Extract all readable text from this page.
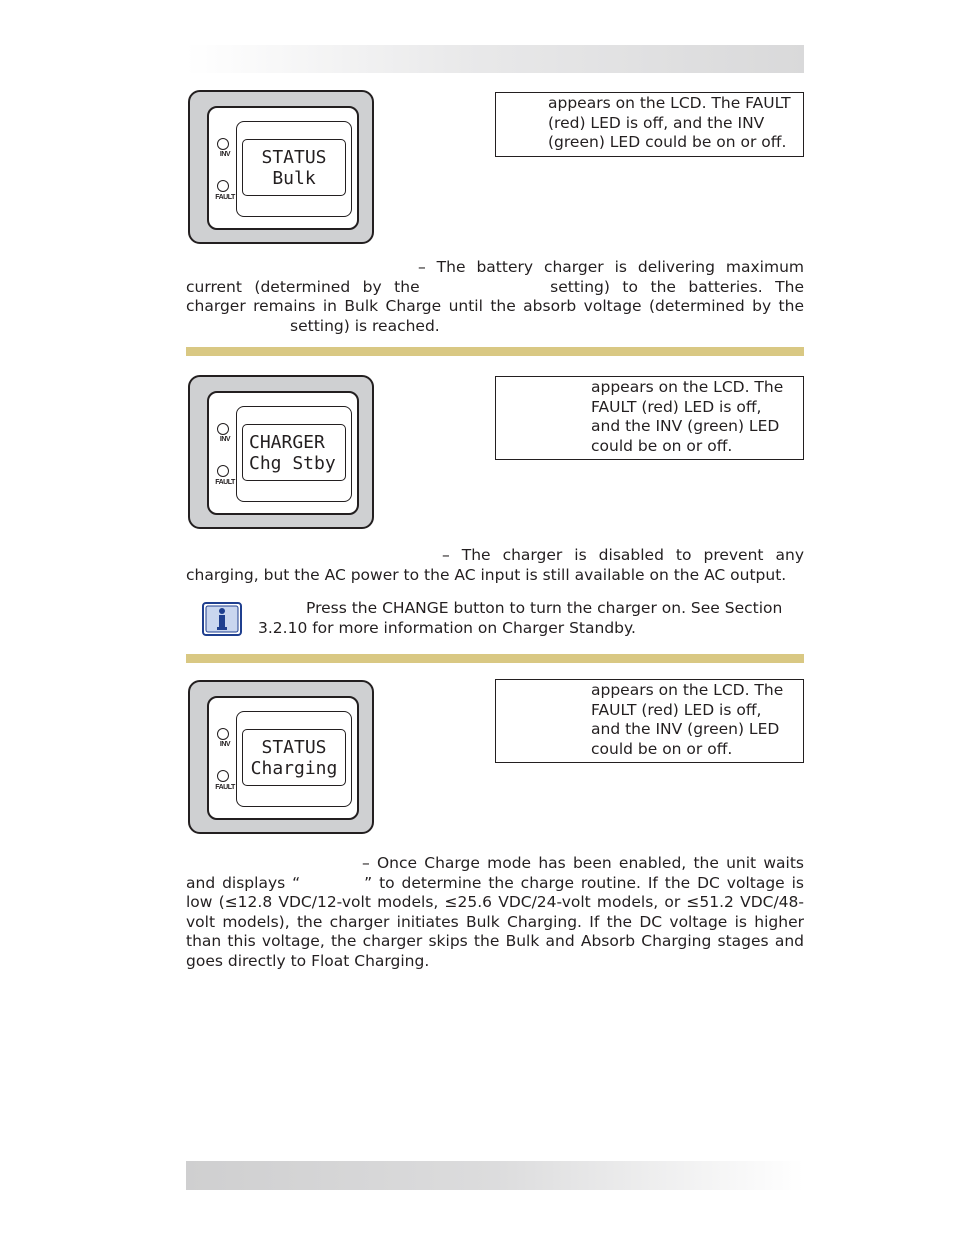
INV
FAULT
STATUS
Bulk
appears on the LCD. The FAULT (red) LED is off, and the INV (green) LED could be on or off.

– The battery charger is delivering maximum current (determined by the	setting) to the batteries. The charger remains in Bulk Charge until the absorb voltage (determined by the setting) is reached.

INV
FAULT
CHARGER
Chg Stby
appears on the LCD. The FAULT (red) LED is off, and the INV (green) LED could be on or off.

– The charger is disabled to prevent any charging, but the AC power to the AC input is still available on the AC output.

Press the CHANGE button to turn the charger on. See Section 3.2.10 for more information on Charger Standby.
INV
FAULT
STATUS
Charging
appears on the LCD. The FAULT (red) LED is off, and the INV (green) LED could be on or off.

– Once Charge mode has been enabled, the unit waits and displays “	” to determine the charge routine. If the DC voltage is low (≤12.8 VDC/12-volt models, ≤25.6 VDC/24-volt models, or ≤51.2 VDC/48-volt models), the charger initiates Bulk Charging. If the DC voltage is higher than this voltage, the charger skips the Bulk and Absorb Charging stages and goes directly to Float Charging.
